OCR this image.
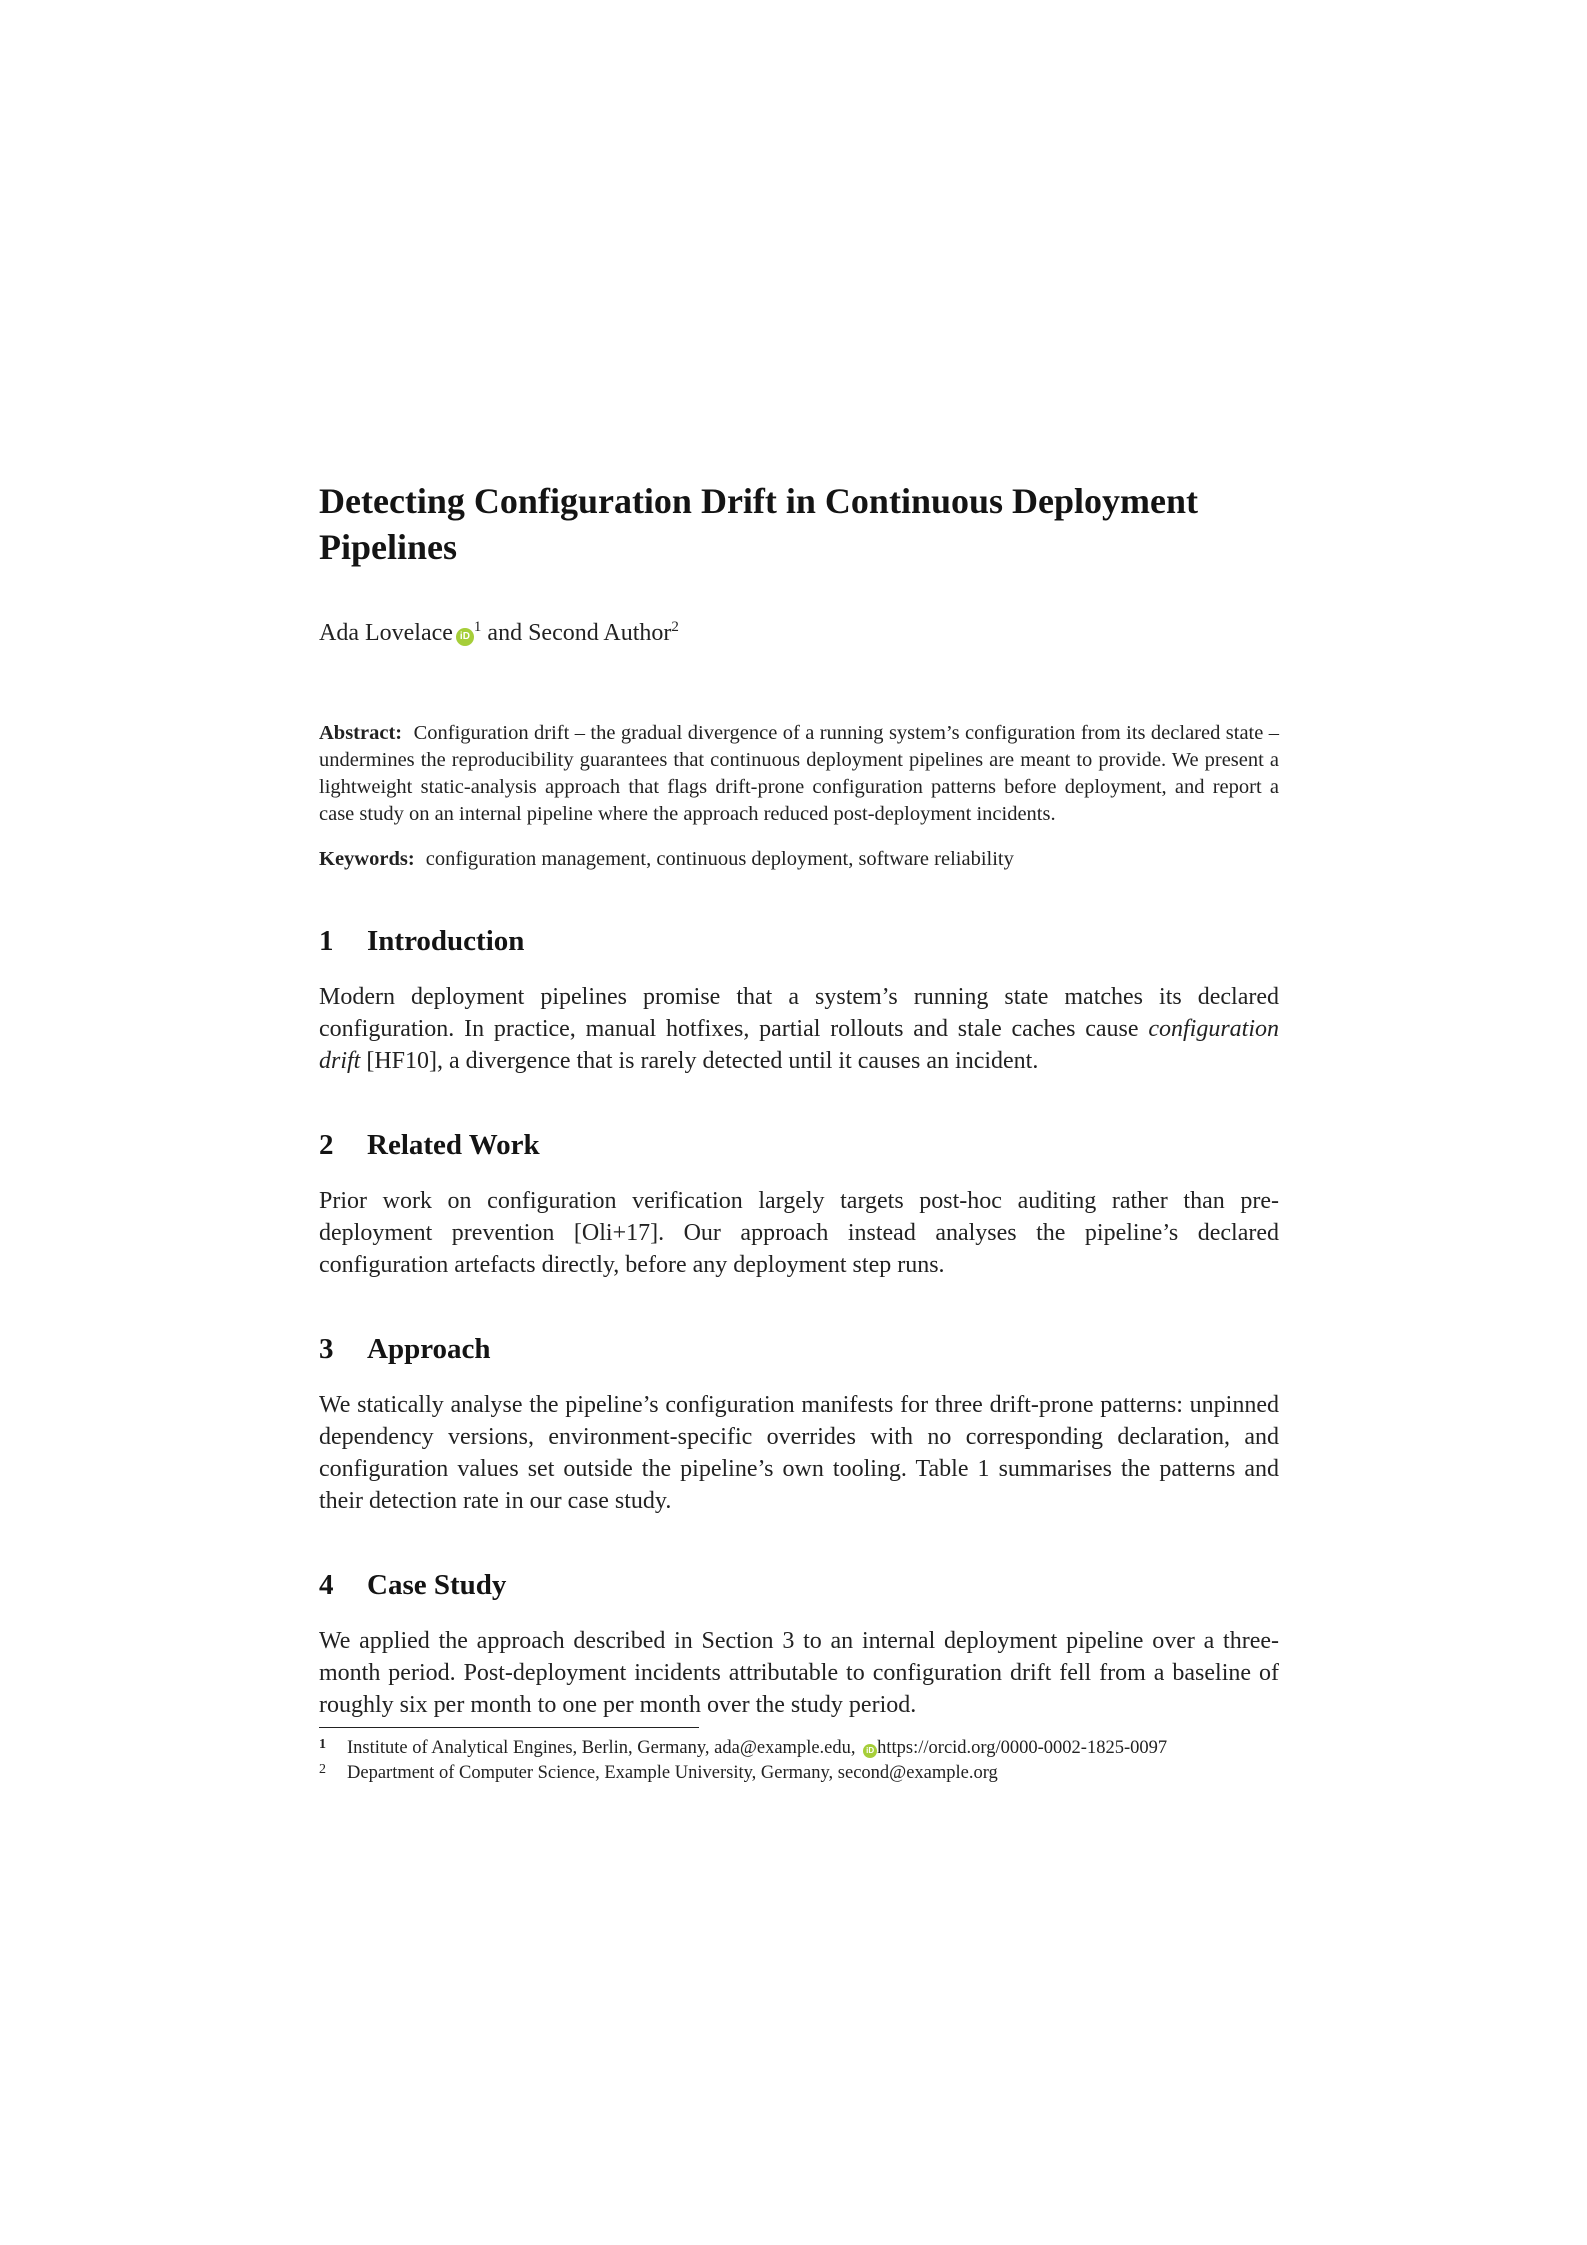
Detecting Configuration Drift in Continuous Deployment Pipelines
Ada Lovelace $iD^1$ and Second Author$^2$
Abstract: Configuration drift – the gradual divergence of a running system’s configuration from its declared state – undermines the reproducibility guarantees that continuous deployment pipelines are meant to provide. We present a lightweight static-analysis approach that flags drift-prone configuration patterns before deployment, and report a case study on an internal pipeline where the approach reduced post-deployment incidents.
Keywords: configuration management, continuous deployment, software reliability
1 Introduction
Modern deployment pipelines promise that a system’s running state matches its declared configuration. In practice, manual hotfixes, partial rollouts and stale caches cause configuration drift [HF10], a divergence that is rarely detected until it causes an incident.
2 Related Work
Prior work on configuration verification largely targets post-hoc auditing rather than pre-deployment prevention [Oli+17]. Our approach instead analyses the pipeline’s declared configuration artefacts directly, before any deployment step runs.
3 Approach
We statically analyse the pipeline’s configuration manifests for three drift-prone patterns: unpinned dependency versions, environment-specific overrides with no corresponding declaration, and configuration values set outside the pipeline’s own tooling. Table 1 summarises the patterns and their detection rate in our case study.
4 Case Study
We applied the approach described in Section 3 to an internal deployment pipeline over a three-month period. Post-deployment incidents attributable to configuration drift fell from a baseline of roughly six per month to one per month over the study period.
1 Institute of Analytical Engines, Berlin, Germany, ada@example.edu, iD https://orcid.org/0000-0002-1825-0097
2 Department of Computer Science, Example University, Germany, second@example.org
